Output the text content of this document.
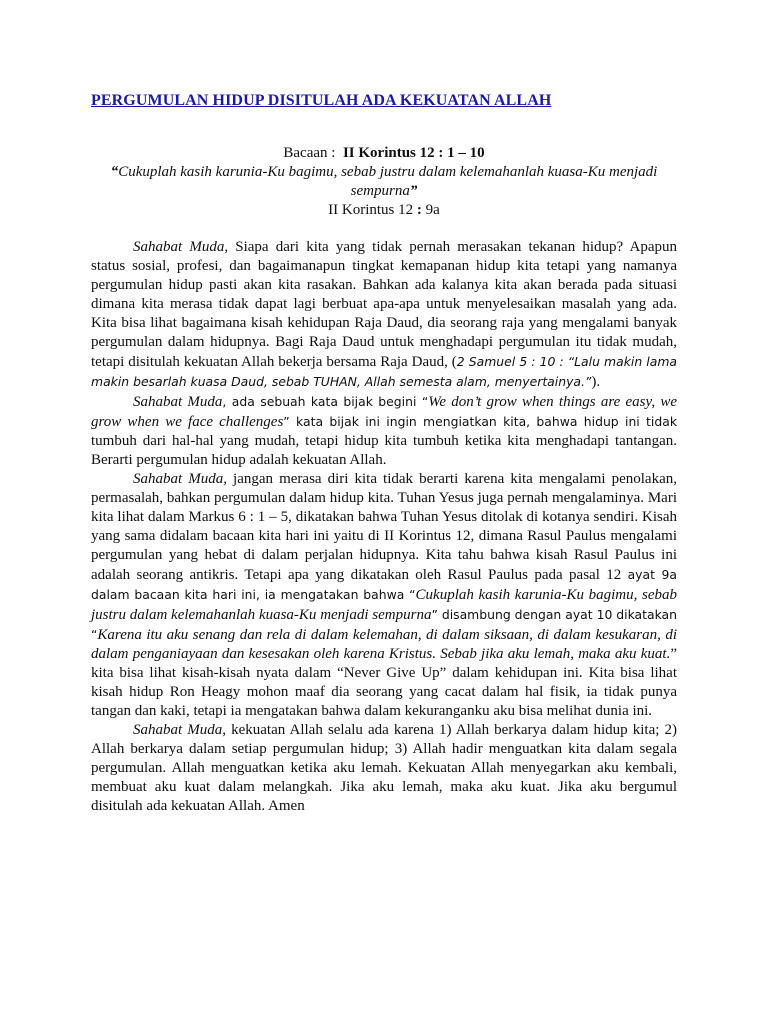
PERGUMULAN HIDUP DISITULAH ADA KEKUATAN ALLAH

Bacaan : II Korintus 12 : 1 – 10

“Cukuplah kasih karunia-Ku bagimu, sebab justru dalam kelemahanlah kuasa-Ku menjadi sempurna”

II Korintus 12 : 9a

Sahabat Muda, Siapa dari kita yang tidak pernah merasakan tekanan hidup? Apapun status sosial, profesi, dan bagaimanapun tingkat kemapanan hidup kita tetapi yang namanya pergumulan hidup pasti akan kita rasakan. Bahkan ada kalanya kita akan berada pada situasi dimana kita merasa tidak dapat lagi berbuat apa-apa untuk menyelesaikan masalah yang ada. Kita bisa lihat bagaimana kisah kehidupan Raja Daud, dia seorang raja yang mengalami banyak pergumulan dalam hidupnya. Bagi Raja Daud untuk menghadapi pergumulan itu tidak mudah, tetapi disitulah kekuatan Allah bekerja bersama Raja Daud, (2 Samuel 5 : 10 : “Lalu makin lama makin besarlah kuasa Daud, sebab TUHAN, Allah semesta alam, menyertainya.”).

Sahabat Muda, ada sebuah kata bijak begini “We don’t grow when things are easy, we grow when we face challenges” kata bijak ini ingin mengiatkan kita, bahwa hidup ini tidak tumbuh dari hal-hal yang mudah, tetapi hidup kita tumbuh ketika kita menghadapi tantangan. Berarti pergumulan hidup adalah kekuatan Allah.

Sahabat Muda, jangan merasa diri kita tidak berarti karena kita mengalami penolakan, permasalah, bahkan pergumulan dalam hidup kita. Tuhan Yesus juga pernah mengalaminya. Mari kita lihat dalam Markus 6 : 1 – 5, dikatakan bahwa Tuhan Yesus ditolak di kotanya sendiri. Kisah yang sama didalam bacaan kita hari ini yaitu di II Korintus 12, dimana Rasul Paulus mengalami pergumulan yang hebat di dalam perjalan hidupnya. Kita tahu bahwa kisah Rasul Paulus ini adalah seorang antikris. Tetapi apa yang dikatakan oleh Rasul Paulus pada pasal 12 ayat 9a dalam bacaan kita hari ini, ia mengatakan bahwa “Cukuplah kasih karunia-Ku bagimu, sebab justru dalam kelemahanlah kuasa-Ku menjadi sempurna” disambung dengan ayat 10 dikatakan “Karena itu aku senang dan rela di dalam kelemahan, di dalam siksaan, di dalam kesukaran, di dalam penganiayaan dan kesesakan oleh karena Kristus. Sebab jika aku lemah, maka aku kuat.” kita bisa lihat kisah-kisah nyata dalam “Never Give Up” dalam kehidupan ini. Kita bisa lihat kisah hidup Ron Heagy mohon maaf dia seorang yang cacat dalam hal fisik, ia tidak punya tangan dan kaki, tetapi ia mengatakan bahwa dalam kekuranganku aku bisa melihat dunia ini.

Sahabat Muda, kekuatan Allah selalu ada karena 1) Allah berkarya dalam hidup kita; 2) Allah berkarya dalam setiap pergumulan hidup; 3) Allah hadir menguatkan kita dalam segala pergumulan. Allah menguatkan ketika aku lemah. Kekuatan Allah menyegarkan aku kembali, membuat aku kuat dalam melangkah. Jika aku lemah, maka aku kuat. Jika aku bergumul disitulah ada kekuatan Allah. Amen
